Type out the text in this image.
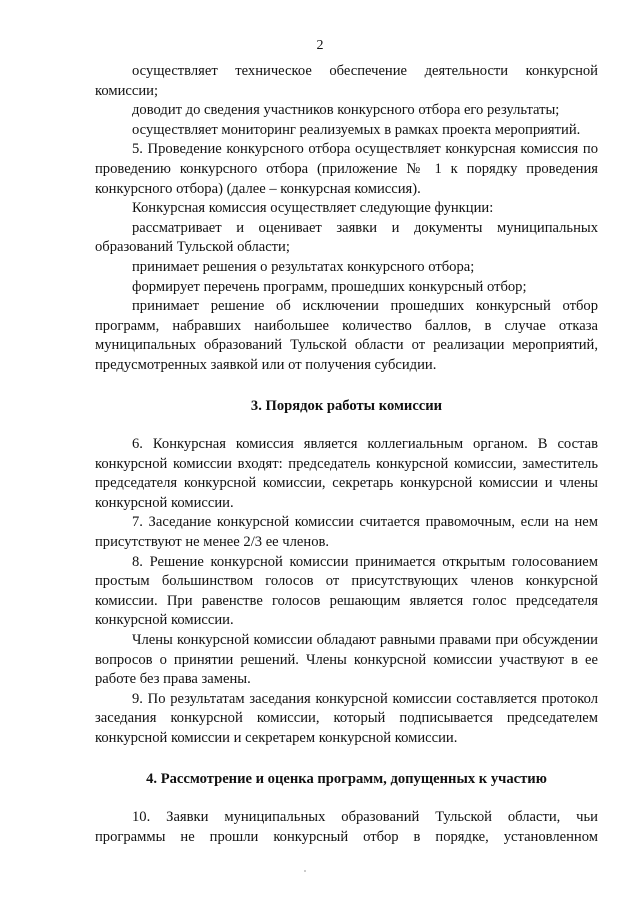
2

осуществляет техническое обеспечение деятельности конкурсной комиссии;

доводит до сведения участников конкурсного отбора его результаты;

осуществляет мониторинг реализуемых в рамках проекта мероприятий.

5. Проведение конкурсного отбора осуществляет конкурсная комиссия по проведению конкурсного отбора (приложение № 1 к порядку проведения конкурсного отбора) (далее – конкурсная комиссия).

Конкурсная комиссия осуществляет следующие функции:

рассматривает и оценивает заявки и документы муниципальных образований Тульской области;

принимает решения о результатах конкурсного отбора;

формирует перечень программ, прошедших конкурсный отбор;

принимает решение об исключении прошедших конкурсный отбор программ, набравших наибольшее количество баллов, в случае отказа муниципальных образований Тульской области от реализации мероприятий, предусмотренных заявкой или от получения субсидии.

3. Порядок работы комиссии

6. Конкурсная комиссия является коллегиальным органом. В состав конкурсной комиссии входят: председатель конкурсной комиссии, заместитель председателя конкурсной комиссии, секретарь конкурсной комиссии и члены конкурсной комиссии.

7. Заседание конкурсной комиссии считается правомочным, если на нем присутствуют не менее 2/3 ее членов.

8. Решение конкурсной комиссии принимается открытым голосованием простым большинством голосов от присутствующих членов конкурсной комиссии. При равенстве голосов решающим является голос председателя конкурсной комиссии.

Члены конкурсной комиссии обладают равными правами при обсуждении вопросов о принятии решений. Члены конкурсной комиссии участвуют в ее работе без права замены.

9. По результатам заседания конкурсной комиссии составляется протокол заседания конкурсной комиссии, который подписывается председателем конкурсной комиссии и секретарем конкурсной комиссии.

4. Рассмотрение и оценка программ, допущенных к участию

10. Заявки муниципальных образований Тульской области, чьи программы не прошли конкурсный отбор в порядке, установленном
